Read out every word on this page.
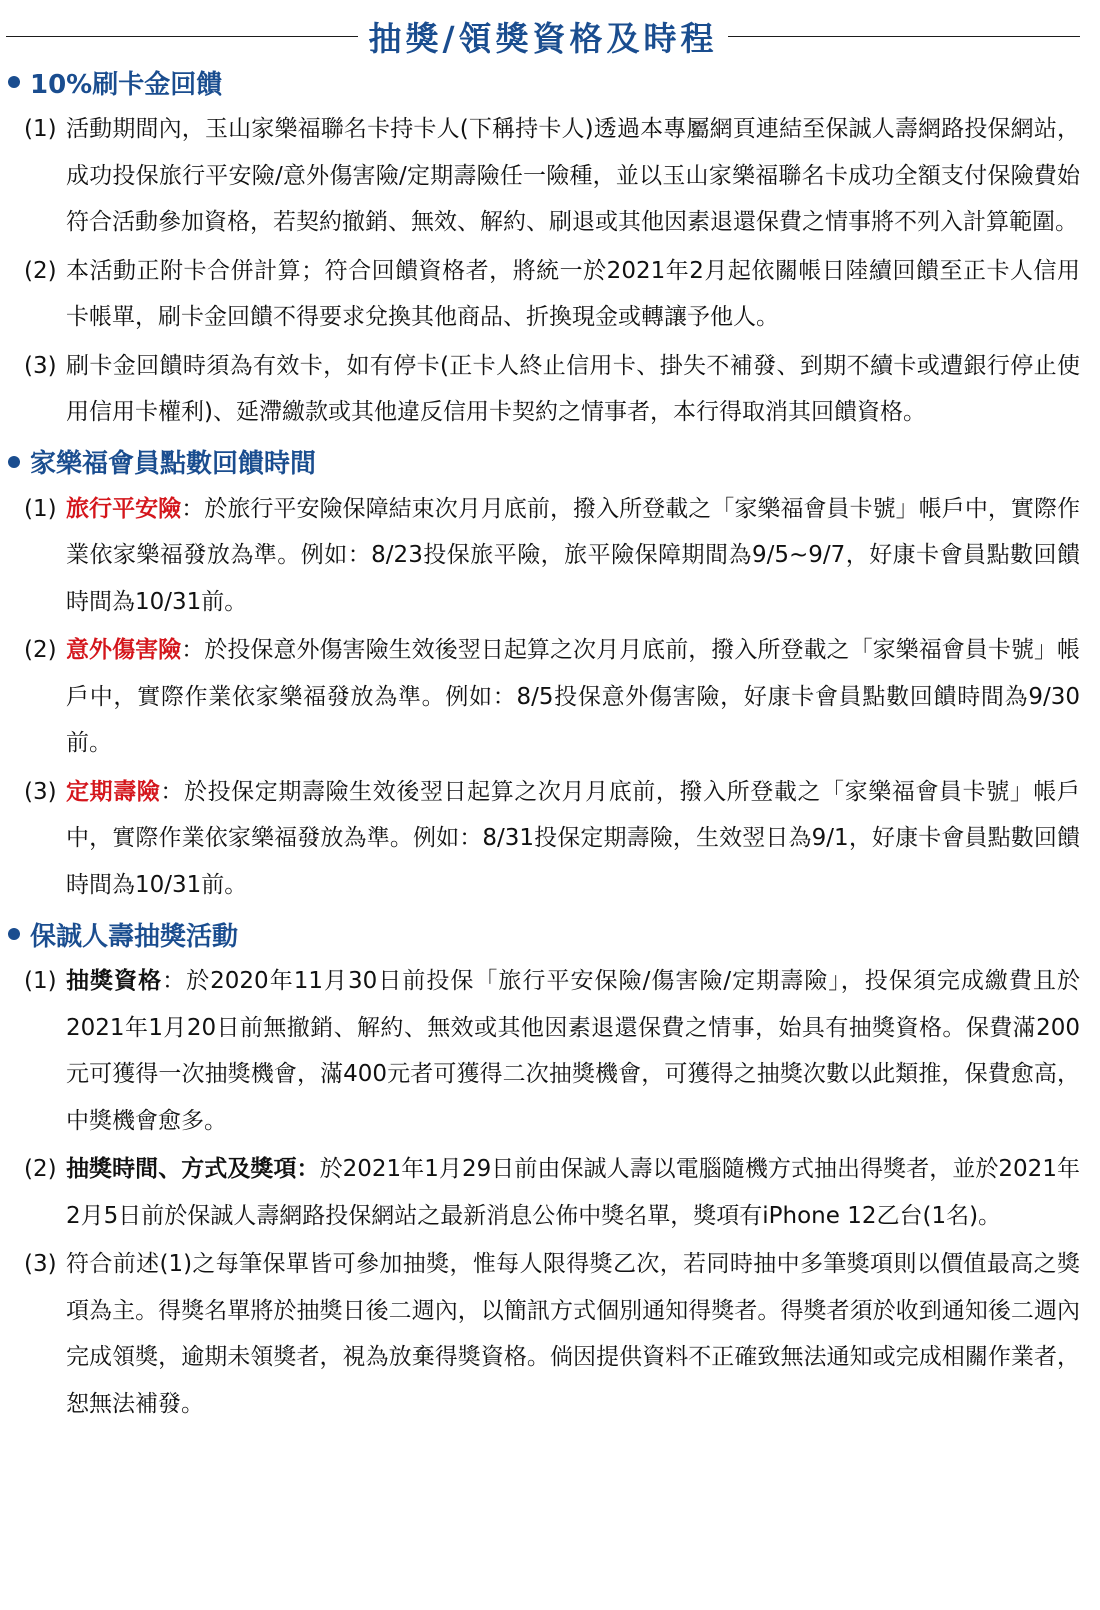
抽獎/領獎資格及時程
10%刷卡金回饋
(1) 活動期間內，玉山家樂福聯名卡持卡人(下稱持卡人)透過本專屬網頁連結至保誠人壽網路投保網站，成功投保旅行平安險/意外傷害險/定期壽險任一險種，並以玉山家樂福聯名卡成功全額支付保險費始符合活動參加資格，若契約撤銷、無效、解約、刷退或其他因素退還保費之情事將不列入計算範圍。

(2) 本活動正附卡合併計算；符合回饋資格者，將統一於2021年2月起依關帳日陸續回饋至正卡人信用卡帳單，刷卡金回饋不得要求兌換其他商品、折換現金或轉讓予他人。

(3) 刷卡金回饋時須為有效卡，如有停卡(正卡人終止信用卡、掛失不補發、到期不續卡或遭銀行停止使用信用卡權利)、延滯繳款或其他違反信用卡契約之情事者，本行得取消其回饋資格。

家樂福會員點數回饋時間
(1) 旅行平安險：於旅行平安險保障結束次月月底前，撥入所登載之「家樂福會員卡號」帳戶中，實際作業依家樂福發放為準。例如：8/23投保旅平險，旅平險保障期間為9/5~9/7，好康卡會員點數回饋時間為10/31前。

(2) 意外傷害險：於投保意外傷害險生效後翌日起算之次月月底前，撥入所登載之「家樂福會員卡號」帳戶中，實際作業依家樂福發放為準。例如：8/5投保意外傷害險，好康卡會員點數回饋時間為9/30前。

(3) 定期壽險：於投保定期壽險生效後翌日起算之次月月底前，撥入所登載之「家樂福會員卡號」帳戶中，實際作業依家樂福發放為準。例如：8/31投保定期壽險，生效翌日為9/1，好康卡會員點數回饋時間為10/31前。

保誠人壽抽獎活動
(1) 抽獎資格：於2020年11月30日前投保「旅行平安保險/傷害險/定期壽險」，投保須完成繳費且於2021年1月20日前無撤銷、解約、無效或其他因素退還保費之情事，始具有抽獎資格。保費滿200元可獲得一次抽獎機會，滿400元者可獲得二次抽獎機會，可獲得之抽獎次數以此類推，保費愈高，中獎機會愈多。

(2) 抽獎時間、方式及獎項：於2021年1月29日前由保誠人壽以電腦隨機方式抽出得獎者，並於2021年2月5日前於保誠人壽網路投保網站之最新消息公佈中獎名單，獎項有iPhone 12乙台(1名)。

(3) 符合前述(1)之每筆保單皆可參加抽獎，惟每人限得獎乙次，若同時抽中多筆獎項則以價值最高之獎項為主。得獎名單將於抽獎日後二週內，以簡訊方式個別通知得獎者。得獎者須於收到通知後二週內完成領獎，逾期未領獎者，視為放棄得獎資格。倘因提供資料不正確致無法通知或完成相關作業者，恕無法補發。
